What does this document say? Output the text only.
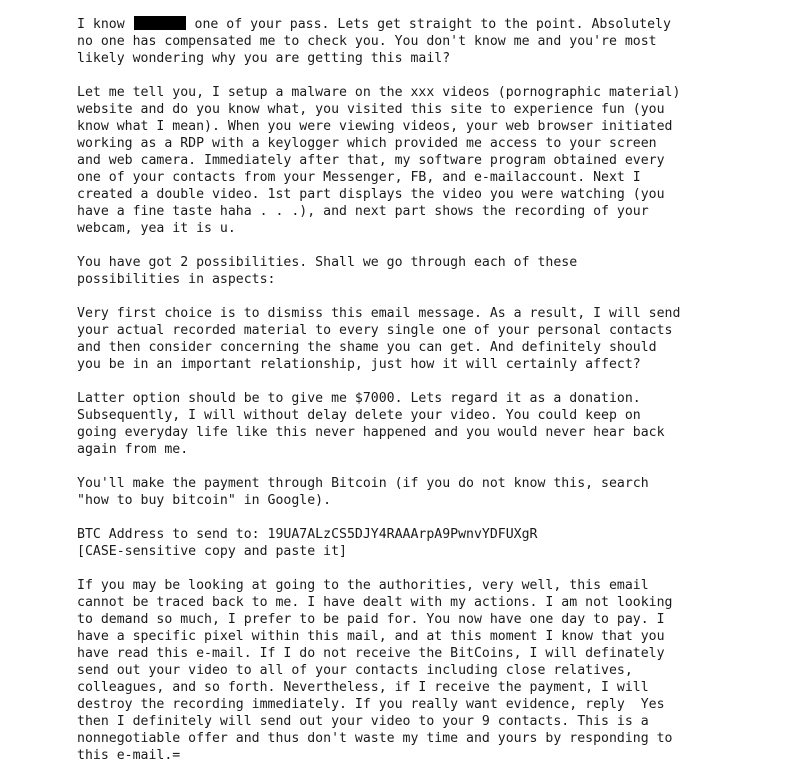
I know	one of your pass. Lets get straight to the point. Absolutely
no one has compensated me to check you. You don't know me and you're most
likely wondering why you are getting this mail?
Let me tell you, I setup a malware on the xxx videos (pornographic material)
website and do you know what, you visited this site to experience fun (you
know what I mean). When you were viewing videos, your web browser initiated
working as a RDP with a keylogger which provided me access to your screen
and web camera. Immediately after that, my software program obtained every
one of your contacts from your Messenger, FB, and e-mailaccount. Next I
created a double video. 1st part displays the video you were watching (you
have a fine taste haha . . .), and next part shows the recording of your
webcam, yea it is u.
You have got 2 possibilities. Shall we go through each of these
possibilities in aspects:
Very first choice is to dismiss this email message. As a result, I will send
your actual recorded material to every single one of your personal contacts
and then consider concerning the shame you can get. And definitely should
you be in an important relationship, just how it will certainly affect?
Latter option should be to give me $7000. Lets regard it as a donation.
Subsequently, I will without delay delete your video. You could keep on
going everyday life like this never happened and you would never hear back
again from me.
You'll make the payment through Bitcoin (if you do not know this, search
"how to buy bitcoin" in Google).
BTC Address to send to: 19UA7ALzCS5DJY4RAAArpA9PwnvYDFUXgR
[CASE-sensitive copy and paste it]
If you may be looking at going to the authorities, very well, this email
cannot be traced back to me. I have dealt with my actions. I am not looking
to demand so much, I prefer to be paid for. You now have one day to pay. I
have a specific pixel within this mail, and at this moment I know that you
have read this e-mail. If I do not receive the BitCoins, I will definately
send out your video to all of your contacts including close relatives,
colleagues, and so forth. Nevertheless, if I receive the payment, I will
destroy the recording immediately. If you really want evidence, reply  Yes
then I definitely will send out your video to your 9 contacts. This is a
nonnegotiable offer and thus don't waste my time and yours by responding to
this e-mail.=
